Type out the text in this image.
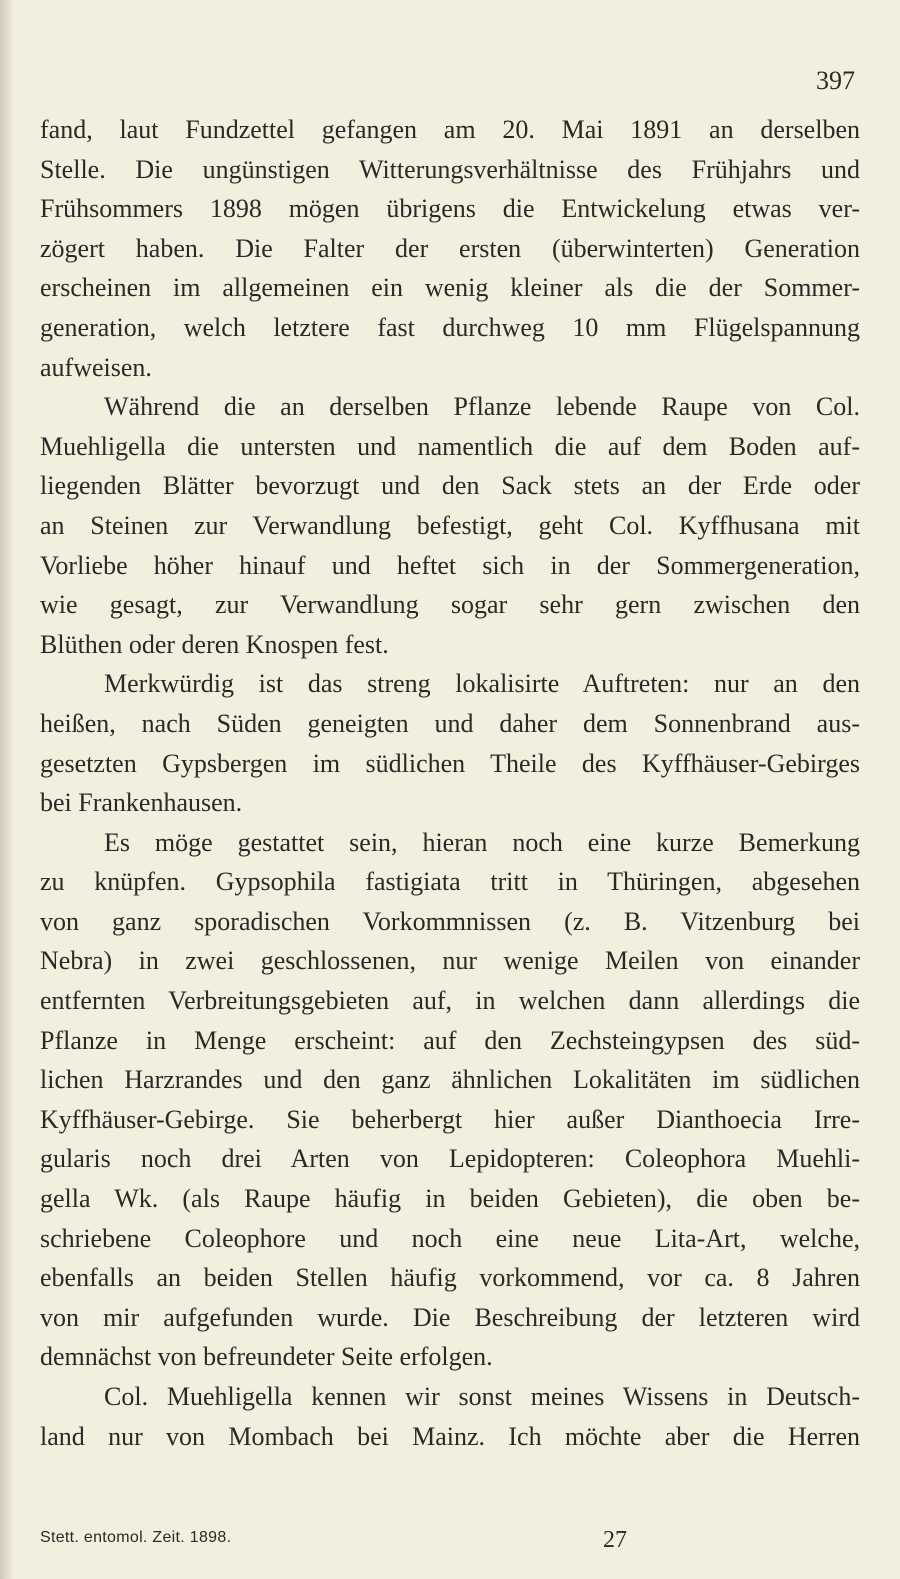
397
fand, laut Fundzettel gefangen am 20. Mai 1891 an derselben
Stelle. Die ungünstigen Witterungsverhältnisse des Frühjahrs und
Frühsommers 1898 mögen übrigens die Entwickelung etwas ver-
zögert haben. Die Falter der ersten (überwinterten) Generation
erscheinen im allgemeinen ein wenig kleiner als die der Sommer-
generation, welch letztere fast durchweg 10 mm Flügelspannung
aufweisen.
Während die an derselben Pflanze lebende Raupe von Col.
Muehligella die untersten und namentlich die auf dem Boden auf-
liegenden Blätter bevorzugt und den Sack stets an der Erde oder
an Steinen zur Verwandlung befestigt, geht Col. Kyffhusana mit
Vorliebe höher hinauf und heftet sich in der Sommergeneration,
wie gesagt, zur Verwandlung sogar sehr gern zwischen den
Blüthen oder deren Knospen fest.
Merkwürdig ist das streng lokalisirte Auftreten: nur an den
heißen, nach Süden geneigten und daher dem Sonnenbrand aus-
gesetzten Gypsbergen im südlichen Theile des Kyffhäuser-Gebirges
bei Frankenhausen.
Es möge gestattet sein, hieran noch eine kurze Bemerkung
zu knüpfen. Gypsophila fastigiata tritt in Thüringen, abgesehen
von ganz sporadischen Vorkommnissen (z. B. Vitzenburg bei
Nebra) in zwei geschlossenen, nur wenige Meilen von einander
entfernten Verbreitungsgebieten auf, in welchen dann allerdings die
Pflanze in Menge erscheint: auf den Zechsteingypsen des süd-
lichen Harzrandes und den ganz ähnlichen Lokalitäten im südlichen
Kyffhäuser-Gebirge. Sie beherbergt hier außer Dianthoecia Irre-
gularis noch drei Arten von Lepidopteren: Coleophora Muehli-
gella Wk. (als Raupe häufig in beiden Gebieten), die oben be-
schriebene Coleophore und noch eine neue Lita-Art, welche,
ebenfalls an beiden Stellen häufig vorkommend, vor ca. 8 Jahren
von mir aufgefunden wurde. Die Beschreibung der letzteren wird
demnächst von befreundeter Seite erfolgen.
Col. Muehligella kennen wir sonst meines Wissens in Deutsch-
land nur von Mombach bei Mainz. Ich möchte aber die Herren
Stett. entomol. Zeit. 1898.	27
